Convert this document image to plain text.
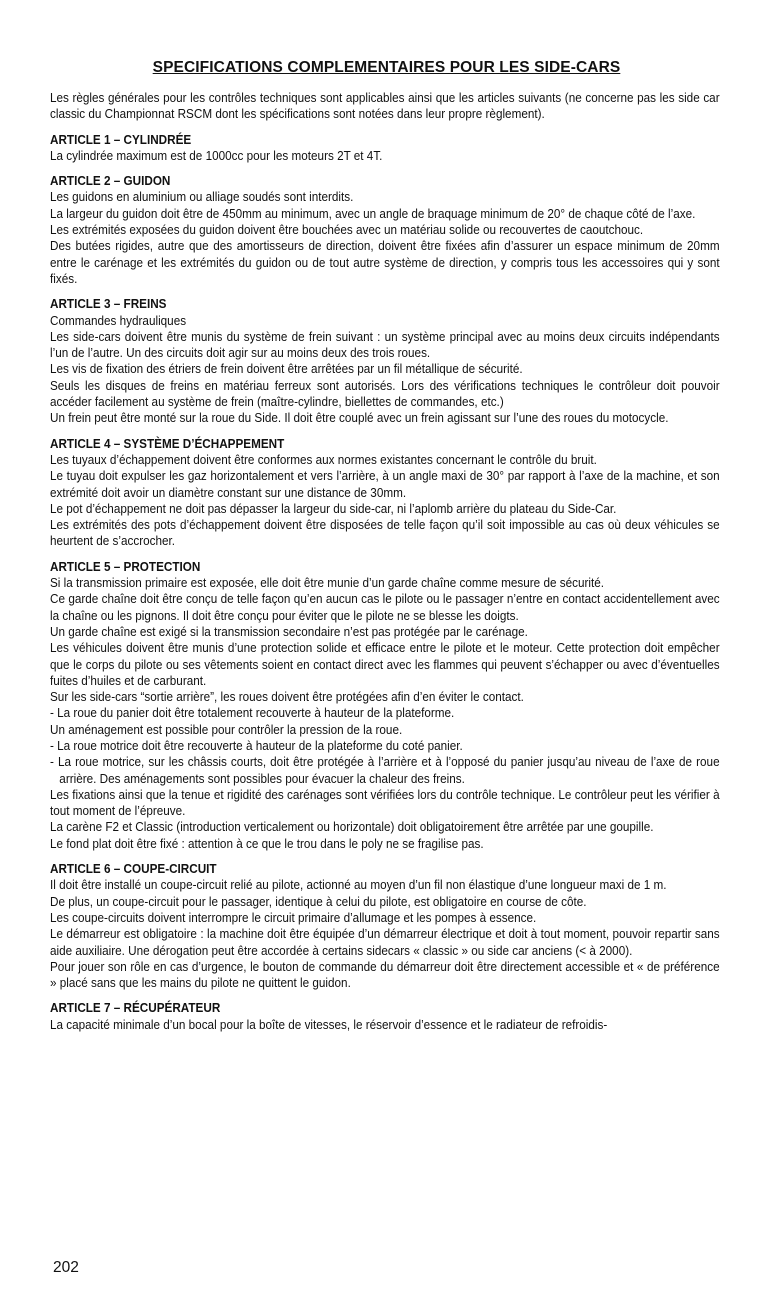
SPECIFICATIONS COMPLEMENTAIRES POUR LES SIDE-CARS

Les règles générales pour les contrôles techniques sont applicables ainsi que les articles suivants (ne concerne pas les side car classic du Championnat RSCM dont les spécifications sont notées dans leur propre règlement).

ARTICLE 1 – CYLINDRÉE

La cylindrée maximum est de 1000cc pour les moteurs 2T et 4T.

ARTICLE 2 – GUIDON

Les guidons en aluminium ou alliage soudés sont interdits.

La largeur du guidon doit être de 450mm au minimum, avec un angle de braquage minimum de 20° de chaque côté de l’axe.

Les extrémités exposées du guidon doivent être bouchées avec un matériau solide ou recouvertes de caoutchouc.

Des butées rigides, autre que des amortisseurs de direction, doivent être fixées afin d’assurer un espace minimum de 20mm entre le carénage et les extrémités du guidon ou de tout autre système de direction, y compris tous les accessoires qui y sont fixés.

ARTICLE 3 – FREINS

Commandes hydrauliques

Les side-cars doivent être munis du système de frein suivant : un système principal avec au moins deux circuits indépendants l’un de l’autre. Un des circuits doit agir sur au moins deux des trois roues.

Les vis de fixation des étriers de frein doivent être arrêtées par un fil métallique de sécurité.

Seuls les disques de freins en matériau ferreux sont autorisés. Lors des vérifications techniques le contrôleur doit pouvoir accéder facilement au système de frein (maître-cylindre, biellettes de commandes, etc.)

Un frein peut être monté sur la roue du Side. Il doit être couplé avec un frein agissant sur l’une des roues du motocycle.

ARTICLE 4 – SYSTÈME D’ÉCHAPPEMENT

Les tuyaux d’échappement doivent être conformes aux normes existantes concernant le contrôle du bruit.

Le tuyau doit expulser les gaz horizontalement et vers l’arrière, à un angle maxi de 30° par rapport à l’axe de la machine, et son extrémité doit avoir un diamètre constant sur une distance de 30mm.

Le pot d’échappement ne doit pas dépasser la largeur du side-car, ni l’aplomb arrière du plateau du Side-Car.

Les extrémités des pots d’échappement doivent être disposées de telle façon qu’il soit impossible au cas où deux véhicules se heurtent de s’accrocher.

ARTICLE 5 – PROTECTION

Si la transmission primaire est exposée, elle doit être munie d’un garde chaîne comme mesure de sécurité.

Ce garde chaîne doit être conçu de telle façon qu’en aucun cas le pilote ou le passager n’entre en contact accidentellement avec la chaîne ou les pignons. Il doit être conçu pour éviter que le pilote ne se blesse les doigts.

Un garde chaîne est exigé si la transmission secondaire n’est pas protégée par le carénage.

Les véhicules doivent être munis d’une protection solide et efficace entre le pilote et le moteur. Cette protection doit empêcher que le corps du pilote ou ses vêtements soient en contact direct avec les flammes qui peuvent s’échapper ou avec d’éventuelles fuites d’huiles et de carburant.

Sur les side-cars “sortie arrière”, les roues doivent être protégées afin d’en éviter le contact.

- La roue du panier doit être totalement recouverte à hauteur de la plateforme.

Un aménagement est possible pour contrôler la pression de la roue.

- La roue motrice doit être recouverte à hauteur de la plateforme du coté panier.

- La roue motrice, sur les châssis courts, doit être protégée à l’arrière et à l’opposé du panier jusqu’au niveau de l’axe de roue arrière. Des aménagements sont possibles pour évacuer la chaleur des freins.

Les fixations ainsi que la tenue et rigidité des carénages sont vérifiées lors du contrôle technique. Le contrôleur peut les vérifier à tout moment de l’épreuve.

La carène F2 et Classic (introduction verticalement ou horizontale) doit obligatoirement être arrêtée par une goupille.

Le fond plat doit être fixé : attention à ce que le trou dans le poly ne se fragilise pas.

ARTICLE 6 – COUPE-CIRCUIT

Il doit être installé un coupe-circuit relié au pilote, actionné au moyen d’un fil non élastique d’une longueur maxi de 1 m.

De plus, un coupe-circuit pour le passager, identique à celui du pilote, est obligatoire en course de côte.

Les coupe-circuits doivent interrompre le circuit primaire d’allumage et les pompes à essence.

Le démarreur est obligatoire : la machine doit être équipée d’un démarreur électrique et doit à tout moment, pouvoir repartir sans aide auxiliaire. Une dérogation peut être accordée à certains sidecars « classic » ou side car anciens (< à 2000).

Pour jouer son rôle en cas d’urgence, le bouton de commande du démarreur doit être directement accessible et « de préférence » placé sans que les mains du pilote ne quittent le guidon.

ARTICLE 7 – RÉCUPÉRATEUR

La capacité minimale d’un bocal pour la boîte de vitesses, le réservoir d’essence et le radiateur de refroidis-

202
